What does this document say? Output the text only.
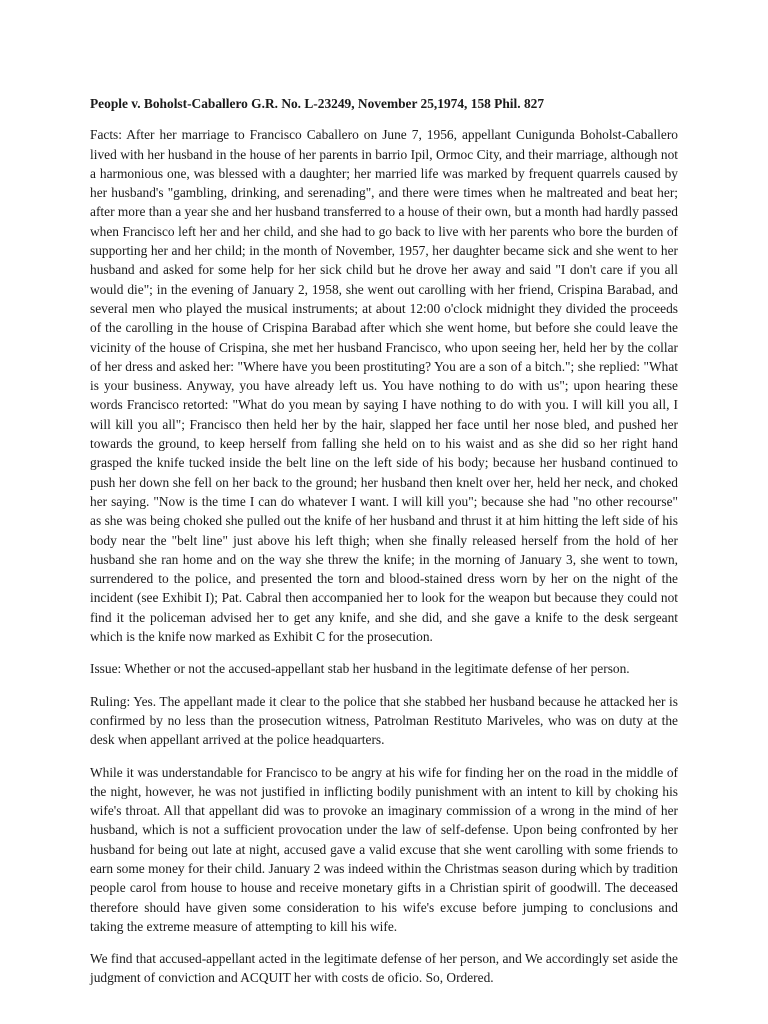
People v. Boholst-Caballero G.R. No. L-23249, November 25,1974, 158 Phil. 827

Facts: After her marriage to Francisco Caballero on June 7, 1956, appellant Cunigunda Boholst-Caballero lived with her husband in the house of her parents in barrio Ipil, Ormoc City, and their marriage, although not a harmonious one, was blessed with a daughter; her married life was marked by frequent quarrels caused by her husband's "gambling, drinking, and serenading", and there were times when he maltreated and beat her; after more than a year she and her husband transferred to a house of their own, but a month had hardly passed when Francisco left her and her child, and she had to go back to live with her parents who bore the burden of supporting her and her child; in the month of November, 1957, her daughter became sick and she went to her husband and asked for some help for her sick child but he drove her away and said "I don't care if you all would die"; in the evening of January 2, 1958, she went out carolling with her friend, Crispina Barabad, and several men who played the musical instruments; at about 12:00 o'clock midnight they divided the proceeds of the carolling in the house of Crispina Barabad after which she went home, but before she could leave the vicinity of the house of Crispina, she met her husband Francisco, who upon seeing her, held her by the collar of her dress and asked her: "Where have you been prostituting? You are a son of a bitch."; she replied: "What is your business. Anyway, you have already left us. You have nothing to do with us"; upon hearing these words Francisco retorted: "What do you mean by saying I have nothing to do with you. I will kill you all, I will kill you all"; Francisco then held her by the hair, slapped her face until her nose bled, and pushed her towards the ground, to keep herself from falling she held on to his waist and as she did so her right hand grasped the knife tucked inside the belt line on the left side of his body; because her husband continued to push her down she fell on her back to the ground; her husband then knelt over her, held her neck, and choked her saying. "Now is the time I can do whatever I want. I will kill you"; because she had "no other recourse" as she was being choked she pulled out the knife of her husband and thrust it at him hitting the left side of his body near the "belt line" just above his left thigh; when she finally released herself from the hold of her husband she ran home and on the way she threw the knife; in the morning of January 3, she went to town, surrendered to the police, and presented the torn and blood-stained dress worn by her on the night of the incident (see Exhibit I); Pat. Cabral then accompanied her to look for the weapon but because they could not find it the policeman advised her to get any knife, and she did, and she gave a knife to the desk sergeant which is the knife now marked as Exhibit C for the prosecution.

Issue: Whether or not the accused-appellant stab her husband in the legitimate defense of her person.

Ruling: Yes. The appellant made it clear to the police that she stabbed her husband because he attacked her is confirmed by no less than the prosecution witness, Patrolman Restituto Mariveles, who was on duty at the desk when appellant arrived at the police headquarters.

While it was understandable for Francisco to be angry at his wife for finding her on the road in the middle of the night, however, he was not justified in inflicting bodily punishment with an intent to kill by choking his wife's throat. All that appellant did was to provoke an imaginary commission of a wrong in the mind of her husband, which is not a sufficient provocation under the law of self-defense. Upon being confronted by her husband for being out late at night, accused gave a valid excuse that she went carolling with some friends to earn some money for their child. January 2 was indeed within the Christmas season during which by tradition people carol from house to house and receive monetary gifts in a Christian spirit of goodwill. The deceased therefore should have given some consideration to his wife's excuse before jumping to conclusions and taking the extreme measure of attempting to kill his wife.

We find that accused-appellant acted in the legitimate defense of her person, and We accordingly set aside the judgment of conviction and ACQUIT her with costs de oficio. So, Ordered.
